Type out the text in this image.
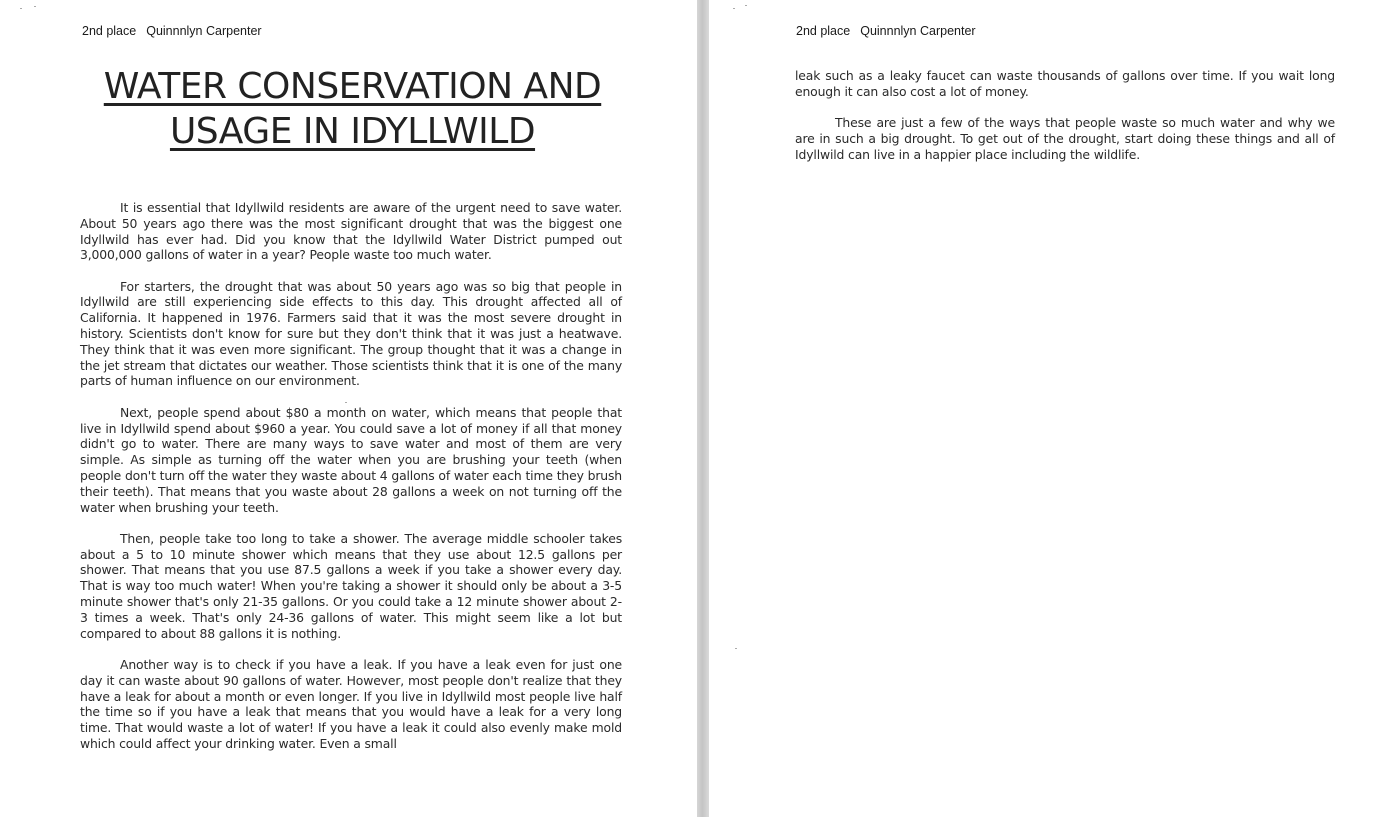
2nd place Quinnnlyn Carpenter
WATER CONSERVATION AND
USAGE IN IDYLLWILD

It is essential that Idyllwild residents are aware of the urgent need to save water. About 50 years ago there was the most significant drought that was the biggest one Idyllwild has ever had. Did you know that the Idyllwild Water District pumped out 3,000,000 gallons of water in a year? People waste too much water.

For starters, the drought that was about 50 years ago was so big that people in Idyllwild are still experiencing side effects to this day. This drought affected all of California. It happened in 1976. Farmers said that it was the most severe drought in history. Scientists don't know for sure but they don't think that it was just a heatwave. They think that it was even more significant. The group thought that it was a change in the jet stream that dictates our weather. Those scientists think that it is one of the many parts of human influence on our environment.

Next, people spend about $80 a month on water, which means that people that live in Idyllwild spend about $960 a year. You could save a lot of money if all that money didn't go to water. There are many ways to save water and most of them are very simple. As simple as turning off the water when you are brushing your teeth (when people don't turn off the water they waste about 4 gallons of water each time they brush their teeth). That means that you waste about 28 gallons a week on not turning off the water when brushing your teeth.

Then, people take too long to take a shower. The average middle schooler takes about a 5 to 10 minute shower which means that they use about 12.5 gallons per shower. That means that you use 87.5 gallons a week if you take a shower every day. That is way too much water! When you're taking a shower it should only be about a 3-5 minute shower that's only 21-35 gallons. Or you could take a 12 minute shower about 2-3 times a week. That's only 24-36 gallons of water. This might seem like a lot but compared to about 88 gallons it is nothing.

Another way is to check if you have a leak. If you have a leak even for just one day it can waste about 90 gallons of water. However, most people don't realize that they have a leak for about a month or even longer. If you live in Idyllwild most people live half the time so if you have a leak that means that you would have a leak for a very long time. That would waste a lot of water! If you have a leak it could also evenly make mold which could affect your drinking water. Even a small

2nd place Quinnnlyn Carpenter

leak such as a leaky faucet can waste thousands of gallons over time. If you wait long enough it can also cost a lot of money.

These are just a few of the ways that people waste so much water and why we are in such a big drought. To get out of the drought, start doing these things and all of Idyllwild can live in a happier place including the wildlife.
